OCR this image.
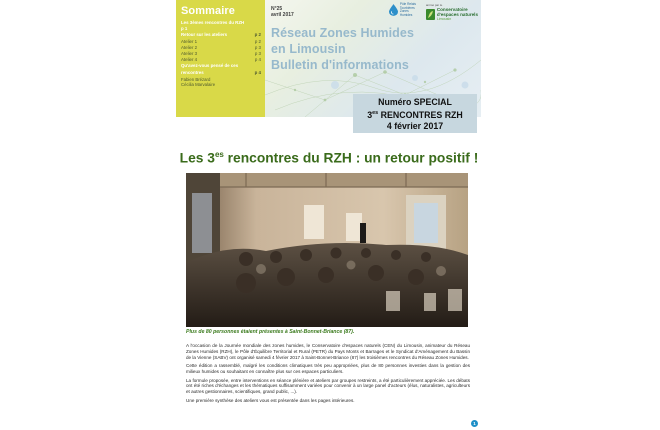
Sommaire
Les 3èmes rencontres du RZH
p 1
Retour sur les ateliers	p 2
Atelier 1	p 2
Atelier 2	p 3
Atelier 3	p 3
Atelier 4	p 4
Qu'avez-vous pensé de ces
rencontres	p 4
Fabien Brézard
Cécilia Marvalaire
N°25
avril 2017
Réseau Zones Humides
en Limousin
Bulletin d'informations
Pôle Relais Tourbières Zones Humides
animé par le
Conservatoire
d'espaces naturels
Limousin
Numéro SPECIAL
$3^{es}$ RENCONTRES RZH
4 février 2017
Les $3^{es}$ rencontres du RZH : un retour positif !
Plus de 80 personnes étaient présentes à Saint-Bonnet-Briance (87).

A l'occasion de la Journée mondiale des zones humides, le Conservatoire d'espaces naturels (CEN) du Limousin, animateur du Réseau Zones Humides (RZH), le Pôle d'Équilibre Territorial et Rural (PETR) du Pays Monts et Barrages et le Syndicat d'Aménagement du Bassin de la Vienne (SABV) ont organisé samedi 4 février 2017 à Saint-Bonnet-Briance (87) les troisièmes rencontres du Réseau Zones Humides.

Cette édition a rassemblé, malgré les conditions climatiques très peu appropriées, plus de 80 personnes investies dans la gestion des milieux humides ou souhaitant en connaître plus sur ces espaces particuliers.

La formule proposée, entre interventions en séance plénière et ateliers par groupes restreints, a été particulièrement appréciée. Les débats ont été riches d'échanges et les thématiques suffisamment variées pour convenir à un large panel d'acteurs (élus, naturalistes, agriculteurs et autres gestionnaires, scientifiques, grand public, ...).

Une première synthèse des ateliers vous est présentée dans les pages intérieures.

1
